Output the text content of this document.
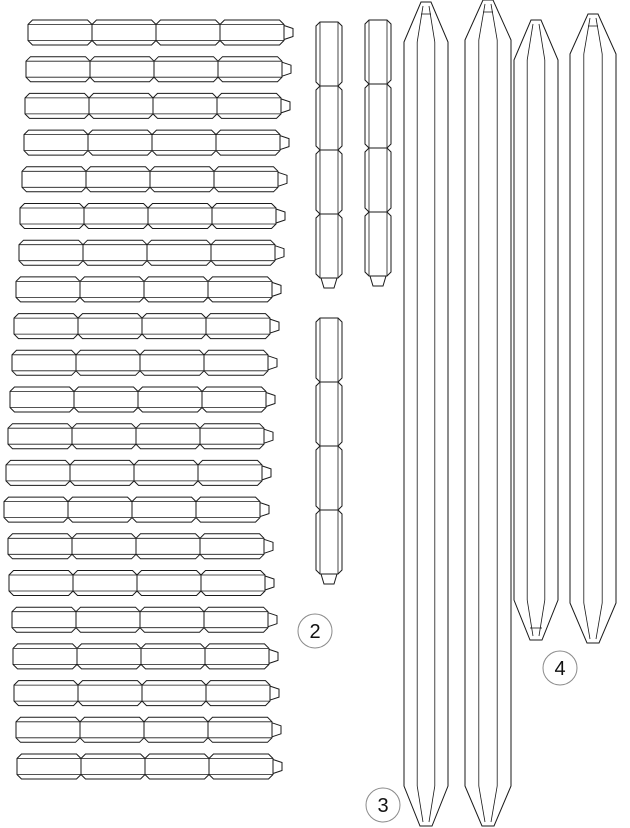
2
3
4
